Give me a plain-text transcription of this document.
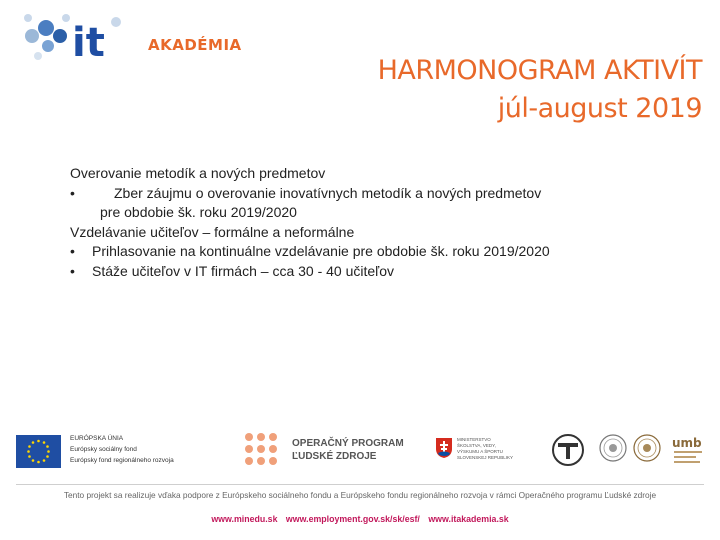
it	AKADÉMIA
HARMONOGRAM AKTIVÍT
júl-august 2019
Overovanie metodík a nových predmetov
•	Zber záujmu o overovanie inovatívnych metodík a nových predmetov
pre obdobie šk. roku 2019/2020
Vzdelávanie učiteľov – formálne a neformálne
• Prihlasovanie na kontinuálne vzdelávanie pre obdobie šk. roku 2019/2020
• Stáže učiteľov v IT firmách – cca 30 - 40 učiteľov
EURÓPSKA ÚNIA
Európsky sociálny fond
Európsky fond regionálneho rozvoja
OPERAČNÝ PROGRAM
ĽUDSKÉ ZDROJE
MINISTERSTVO
ŠKOLSTVA, VEDY,
VÝSKUMU A ŠPORTU
SLOVENSKEJ REPUBLIKY
umb
Tento projekt sa realizuje vďaka podpore z Európskeho sociálneho fondu a Európskeho fondu regionálneho rozvoja v rámci Operačného programu Ľudské zdroje
www.minedu.sk www.employment.gov.sk/sk/esf/ www.itakademia.sk
